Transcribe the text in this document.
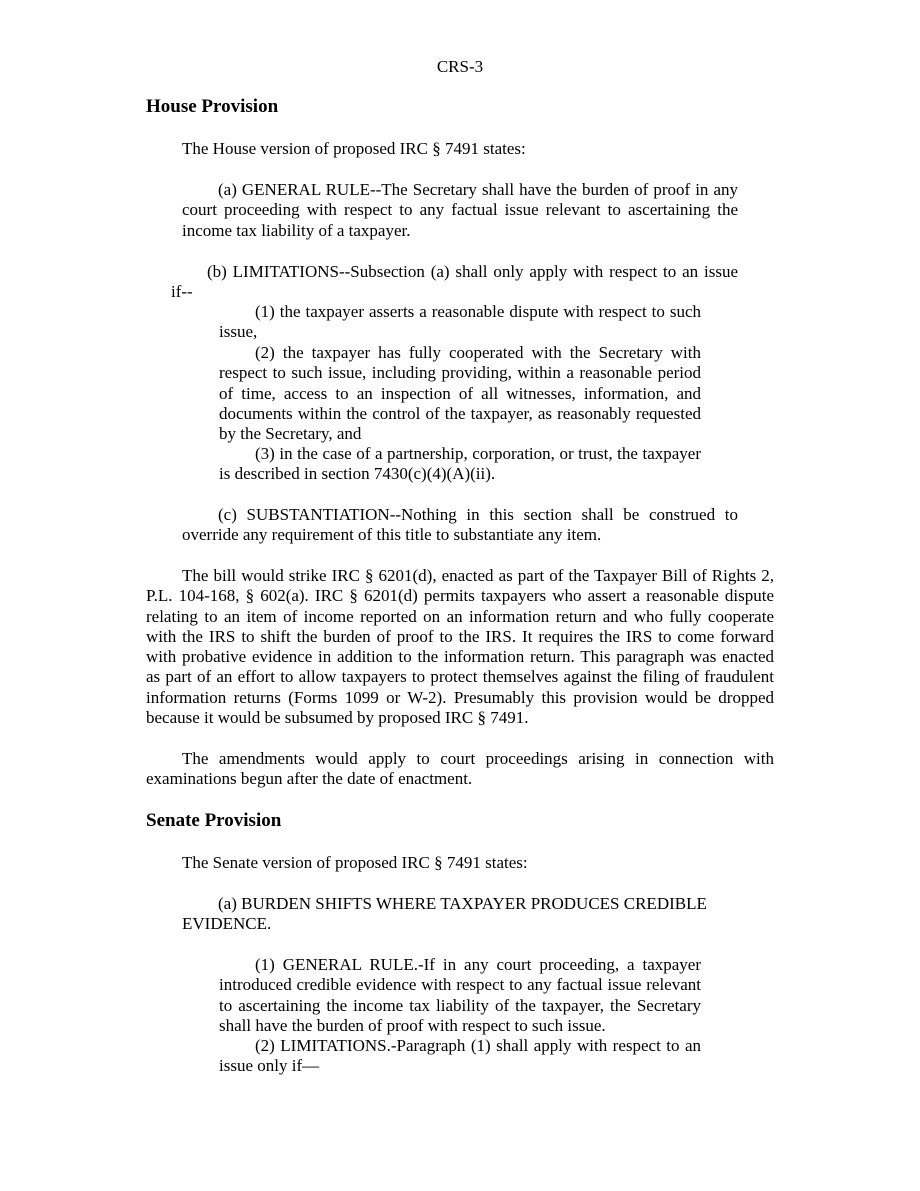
CRS-3
House Provision

The House version of proposed IRC § 7491 states:

(a) GENERAL RULE--The Secretary shall have the burden of proof in any court proceeding with respect to any factual issue relevant to ascertaining the income tax liability of a taxpayer.

(b) LIMITATIONS--Subsection (a) shall only apply with respect to an issue if--

(1) the taxpayer asserts a reasonable dispute with respect to such issue,

(2) the taxpayer has fully cooperated with the Secretary with respect to such issue, including providing, within a reasonable period of time, access to an inspection of all witnesses, information, and documents within the control of the taxpayer, as reasonably requested by the Secretary, and

(3) in the case of a partnership, corporation, or trust, the taxpayer is described in section 7430(c)(4)(A)(ii).

(c) SUBSTANTIATION--Nothing in this section shall be construed to override any requirement of this title to substantiate any item.

The bill would strike IRC § 6201(d), enacted as part of the Taxpayer Bill of Rights 2, P.L. 104-168, § 602(a). IRC § 6201(d) permits taxpayers who assert a reasonable dispute relating to an item of income reported on an information return and who fully cooperate with the IRS to shift the burden of proof to the IRS. It requires the IRS to come forward with probative evidence in addition to the information return. This paragraph was enacted as part of an effort to allow taxpayers to protect themselves against the filing of fraudulent information returns (Forms 1099 or W-2). Presumably this provision would be dropped because it would be subsumed by proposed IRC § 7491.

The amendments would apply to court proceedings arising in connection with examinations begun after the date of enactment.

Senate Provision

The Senate version of proposed IRC § 7491 states:

(a) BURDEN SHIFTS WHERE TAXPAYER PRODUCES CREDIBLE EVIDENCE.

(1) GENERAL RULE.-If in any court proceeding, a taxpayer introduced credible evidence with respect to any factual issue relevant to ascertaining the income tax liability of the taxpayer, the Secretary shall have the burden of proof with respect to such issue.

(2) LIMITATIONS.-Paragraph (1) shall apply with respect to an issue only if—
